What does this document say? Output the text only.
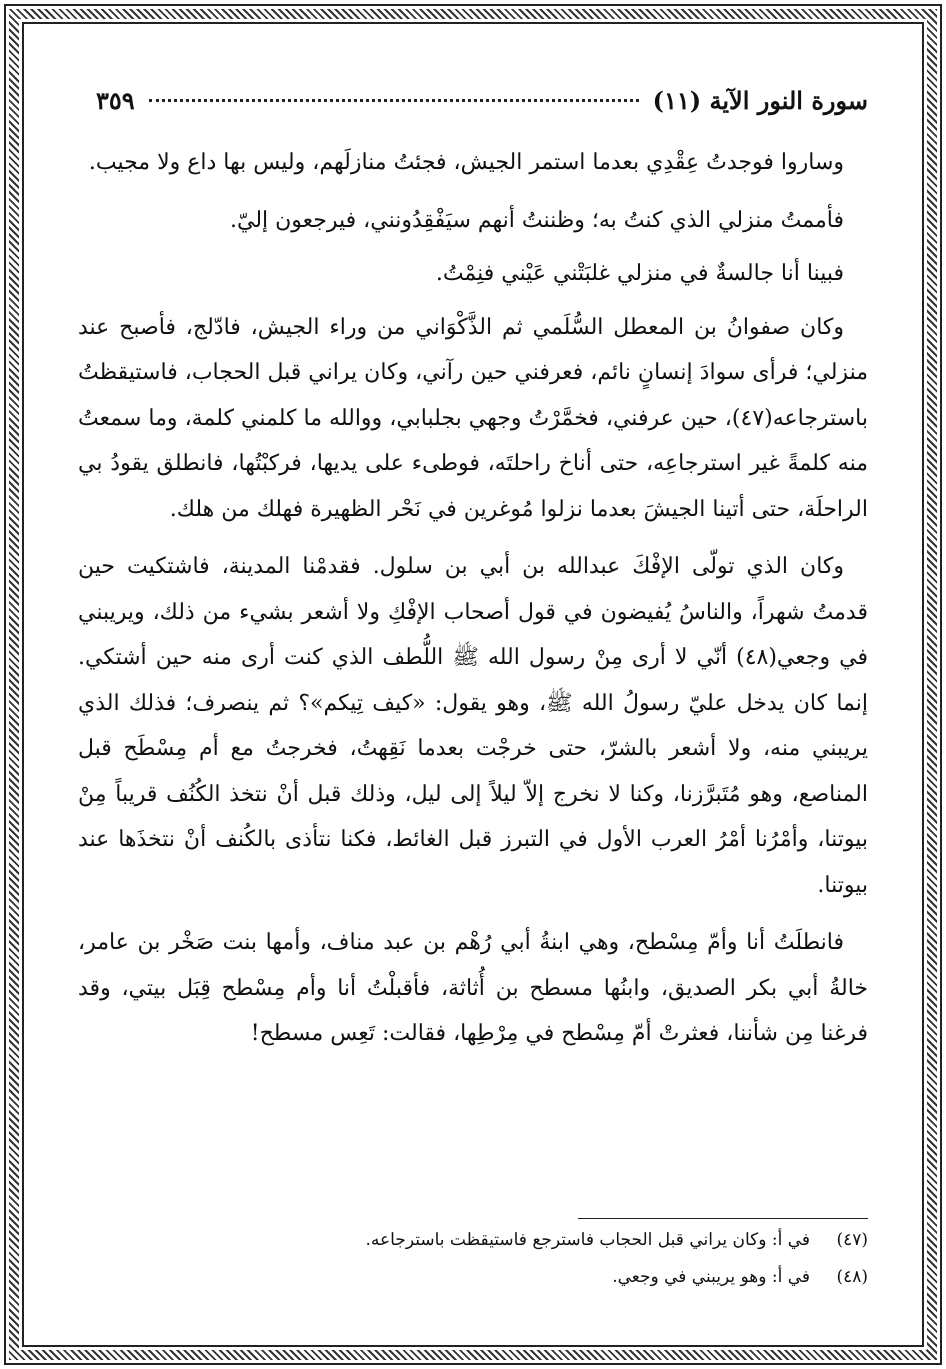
سورة النور الآية (١١)
٣٥٩

وساروا فوجدتُ عِقْدِي بعدما استمر الجيش، فجئتُ منازلَهم، وليس بها داع ولا مجيب.

فأممتُ منزلي الذي كنتُ به؛ وظننتُ أنهم سيَفْقِدُونني، فيرجعون إليّ.

فبينا أنا جالسةٌ في منزلي غلبَتْني عَيْني فنِمْتُ.

وكان صفوانُ بن المعطل السُّلَمي ثم الذَّكْوَاني من وراء الجيش، فادّلج، فأصبح عند منزلي؛ فرأى سوادَ إنسانٍ نائم، فعرفني حين رآني، وكان يراني قبل الحجاب، فاستيقظتُ باسترجاعه(٤٧)، حين عرفني، فخمَّرْتُ وجهي بجلبابي، ووالله ما كلمني كلمة، وما سمعتُ منه كلمةً غير استرجاعِه، حتى أناخ راحلتَه، فوطىء على يديها، فركبْتُها، فانطلق يقودُ بي الراحلَة، حتى أتينا الجيشَ بعدما نزلوا مُوغرين في نَحْر الظهيرة فهلك من هلك.

وكان الذي تولّى الإفْكَ عبدالله بن أبي بن سلول. فقدمْنا المدينة، فاشتكيت حين قدمتُ شهراً، والناسُ يُفيضون في قول أصحاب الإفْكِ ولا أشعر بشيء من ذلك، ويريبني في وجعي(٤٨) أنّي لا أرى مِنْ رسول الله ﷺ اللُّطف الذي كنت أرى منه حين أشتكي. إنما كان يدخل عليّ رسولُ الله ﷺ، وهو يقول: «كيف تِيكم»؟ ثم ينصرف؛ فذلك الذي يريبني منه، ولا أشعر بالشرّ، حتى خرجْت بعدما نَقِهتُ، فخرجتُ مع أم مِسْطَح قبل المناصع، وهو مُتَبرَّزنا، وكنا لا نخرج إلاّ ليلاً إلى ليل، وذلك قبل أنْ نتخذ الكُنُف قريباً مِنْ بيوتنا، وأمْرُنا أمْرُ العرب الأول في التبرز قبل الغائط، فكنا نتأذى بالكُنف أنْ نتخذَها عند بيوتنا.

فانطلَتُ أنا وأمّ مِسْطح، وهي ابنةُ أبي رُهْم بن عبد مناف، وأمها بنت صَخْر بن عامر، خالةُ أبي بكر الصديق، وابنُها مسطح بن أُثاثة، فأقبلْتُ أنا وأم مِسْطح قِبَل بيتي، وقد فرغنا مِن شأننا، فعثرتْ أمّ مِسْطح في مِرْطِها، فقالت: تَعِس مسطح!

(٤٧)
في أ: وكان يراني قبل الحجاب فاسترجع فاستيقظت باسترجاعه.
(٤٨)
في أ: وهو يريبني في وجعي.
